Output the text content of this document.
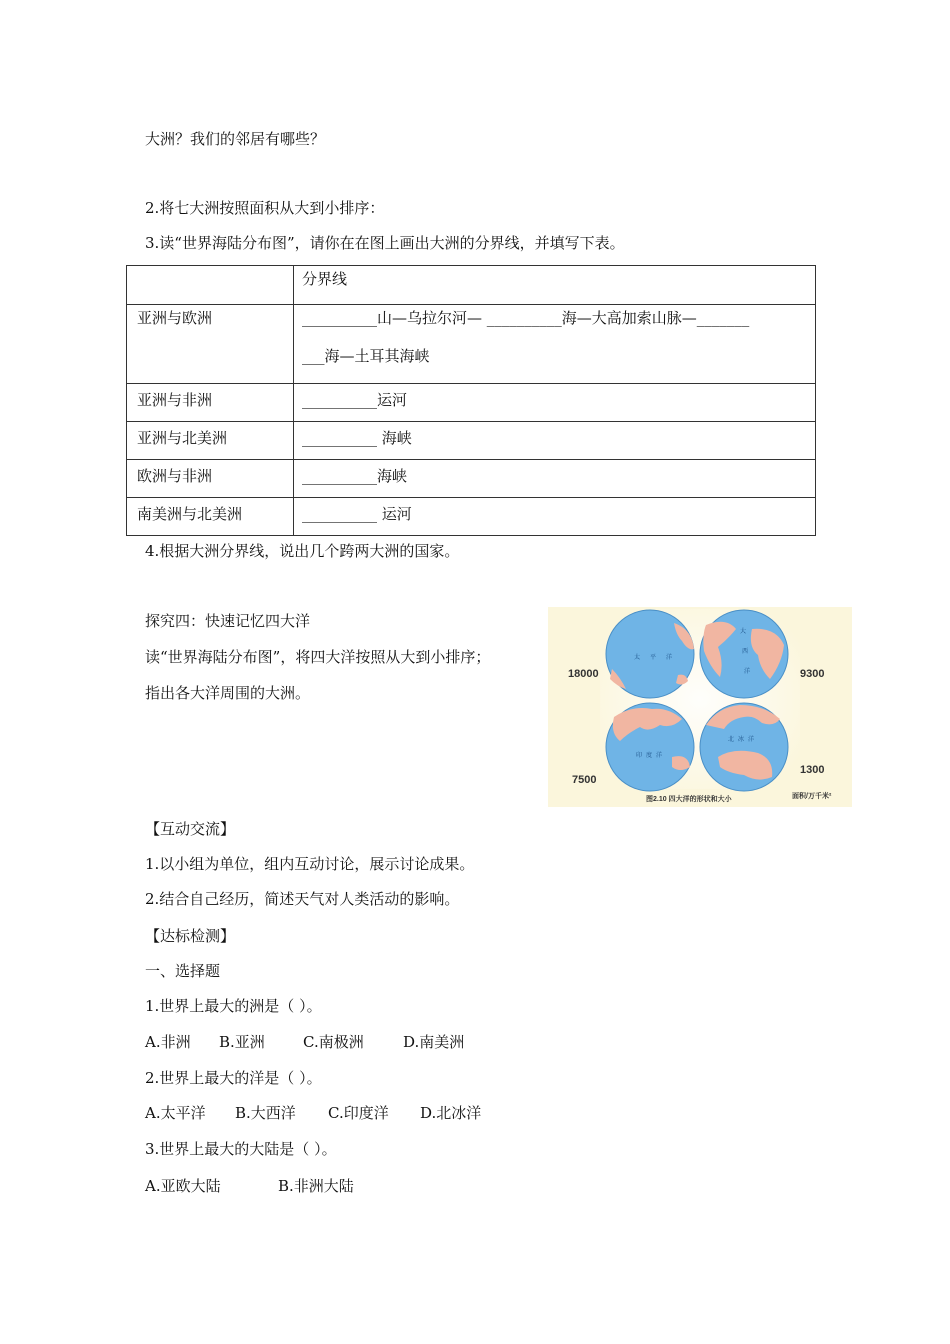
大洲？我们的邻居有哪些？
2.将七大洲按照面积从大到小排序：
3.读“世界海陆分布图”，请你在在图上画出大洲的分界线，并填写下表。

	分界线

亚洲与欧洲	__________山—乌拉尔河— __________海—大高加索山脉—_______
___海—土耳其海峡

亚洲与非洲	__________运河

亚洲与北美洲	__________ 海峡

欧洲与非洲	__________海峡

南美洲与北美洲	__________ 运河
4.根据大洲分界线，说出几个跨两大洲的国家。
探究四：快速记忆四大洋
读“世界海陆分布图”，将四大洋按照从大到小排序；
指出各大洋周围的大洲。
太 平 洋
大
西
洋
印 度 洋
北 冰 洋
18000	9300
7500
1300
图2.10 四大洋的形状和大小	面积/万千米²
【互动交流】
1.以小组为单位，组内互动讨论，展示讨论成果。
2.结合自己经历，简述天气对人类活动的影响。
【达标检测】
一、选择题
1.世界上最大的洲是（ ）。
A.非洲 B.亚洲	C.南极洲	D.南美洲
2.世界上最大的洋是（ ）。
A.太平洋 B.大西洋 C.印度洋 D.北冰洋
3.世界上最大的大陆是（ ）。
A.亚欧大陆	B.非洲大陆
